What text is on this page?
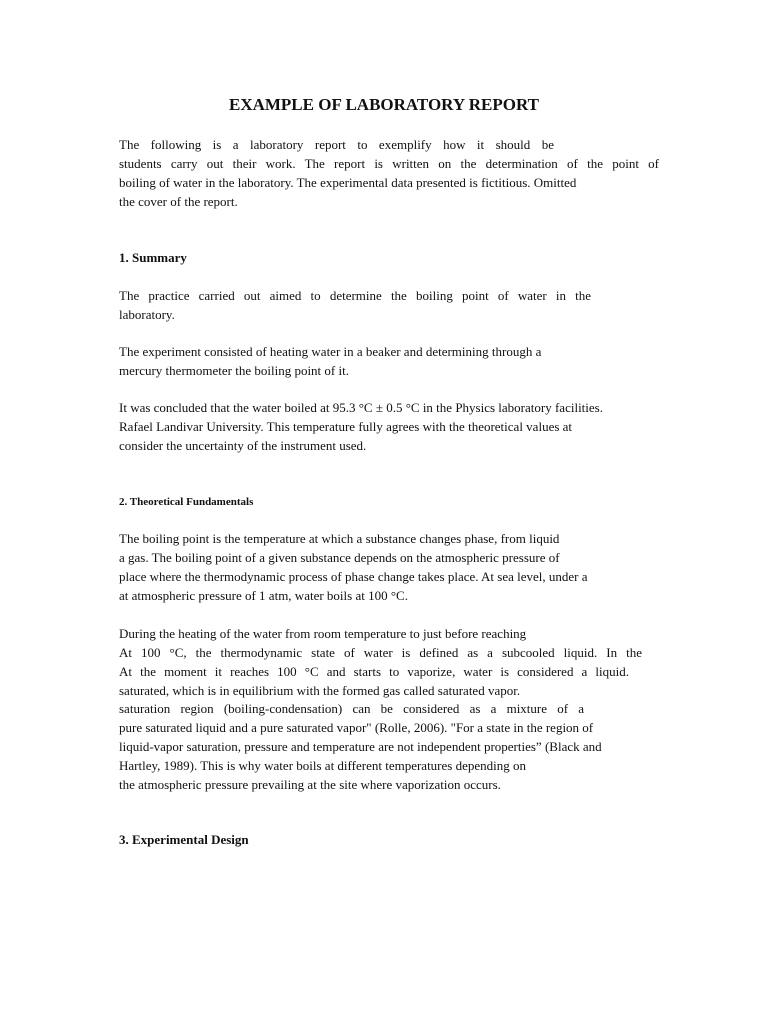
EXAMPLE OF LABORATORY REPORT

The following is a laboratory report to exemplify how it should be

students carry out their work. The report is written on the determination of the point of

boiling of water in the laboratory. The experimental data presented is fictitious. Omitted

the cover of the report.

1. Summary

The practice carried out aimed to determine the boiling point of water in the

laboratory.

The experiment consisted of heating water in a beaker and determining through a

mercury thermometer the boiling point of it.

It was concluded that the water boiled at 95.3 °C ± 0.5 °C in the Physics laboratory facilities.

Rafael Landivar University. This temperature fully agrees with the theoretical values at

consider the uncertainty of the instrument used.

2. Theoretical Fundamentals

The boiling point is the temperature at which a substance changes phase, from liquid

a gas. The boiling point of a given substance depends on the atmospheric pressure of

place where the thermodynamic process of phase change takes place. At sea level, under a

at atmospheric pressure of 1 atm, water boils at 100 °C.

During the heating of the water from room temperature to just before reaching

At 100 °C, the thermodynamic state of water is defined as a subcooled liquid. In the

At the moment it reaches 100 °C and starts to vaporize, water is considered a liquid.

saturated, which is in equilibrium with the formed gas called saturated vapor.

saturation region (boiling-condensation) can be considered as a mixture of a

pure saturated liquid and a pure saturated vapor" (Rolle, 2006). "For a state in the region of

liquid-vapor saturation, pressure and temperature are not independent properties” (Black and

Hartley, 1989). This is why water boils at different temperatures depending on

the atmospheric pressure prevailing at the site where vaporization occurs.

3. Experimental Design
